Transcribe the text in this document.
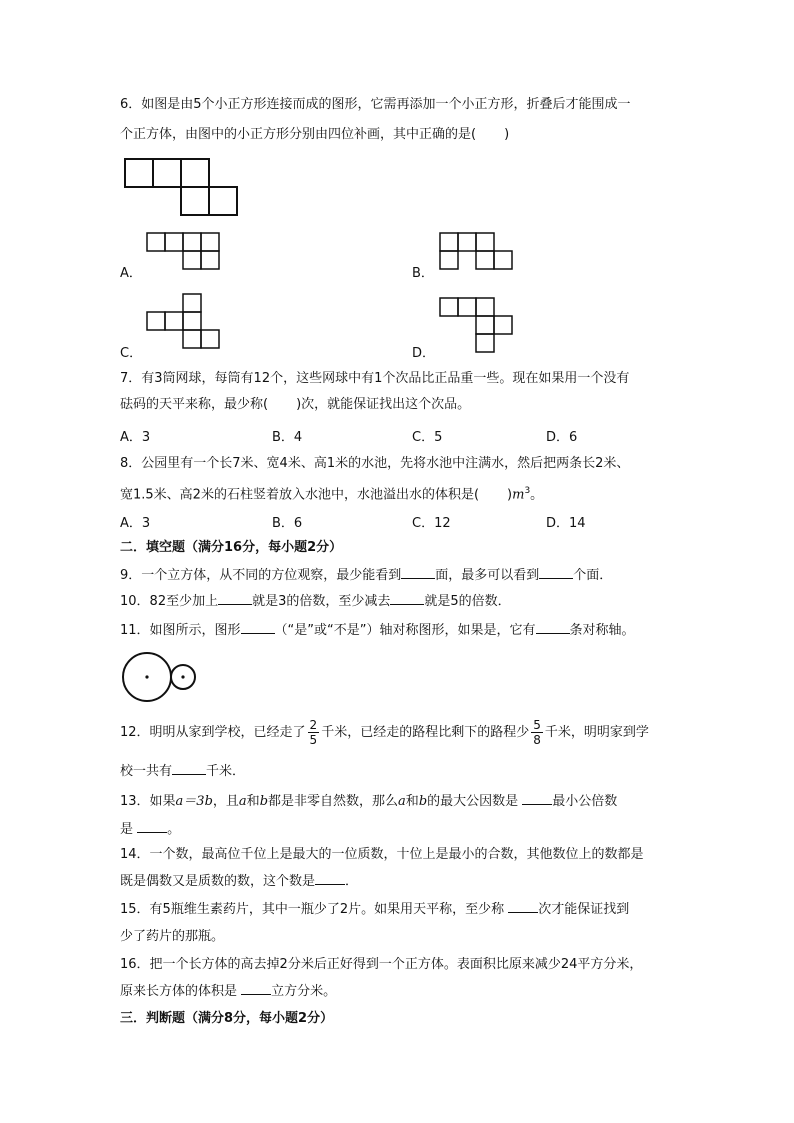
6．如图是由5个小正方形连接而成的图形，它需再添加一个小正方形，折叠后才能围成一
个正方体，由图中的小正方形分别由四位补画，其中正确的是( )
A．	B．
C．	D．
7．有3筒网球，每筒有12个，这些网球中有1个次品比正品重一些。现在如果用一个没有
砝码的天平来称，最少称( )次，就能保证找出这个次品。
A．3	B．4	C．5	D．6
8．公园里有一个长7米、宽4米、高1米的水池，先将水池中注满水，然后把两条长2米、
宽1.5米、高2米的石柱竖着放入水池中，水池溢出水的体积是( )$m^3$。
A．3	B．6	C．12	D．14
二．填空题（满分16分，每小题2分）
9．一个立方体，从不同的方位观察，最少能看到	面，最多可以看到	个面．
10．82至少加上	就是3的倍数，至少减去	就是5的倍数．
11．如图所示，图形	（“是”或“不是”）轴对称图形，如果是，它有	条对称轴。
12．明明从家到学校，已经走了 $\frac{2}{5}$ 千米，已经走的路程比剩下的路程少 $\frac{5}{8}$ 千米，明明家到学
校一共有	千米．
13．如果a＝3b，且a和b都是非零自然数，那么a和b的最大公因数是	最小公倍数
是	。
14．一个数，最高位千位上是最大的一位质数，十位上是最小的合数，其他数位上的数都是
既是偶数又是质数的数，这个数是 ．
15．有5瓶维生素药片，其中一瓶少了2片。如果用天平称，至少称	次才能保证找到
少了药片的那瓶。
16．把一个长方体的高去掉2分米后正好得到一个正方体。表面积比原来减少24平方分米，
原来长方体的体积是	立方分米。
三．判断题（满分8分，每小题2分）
